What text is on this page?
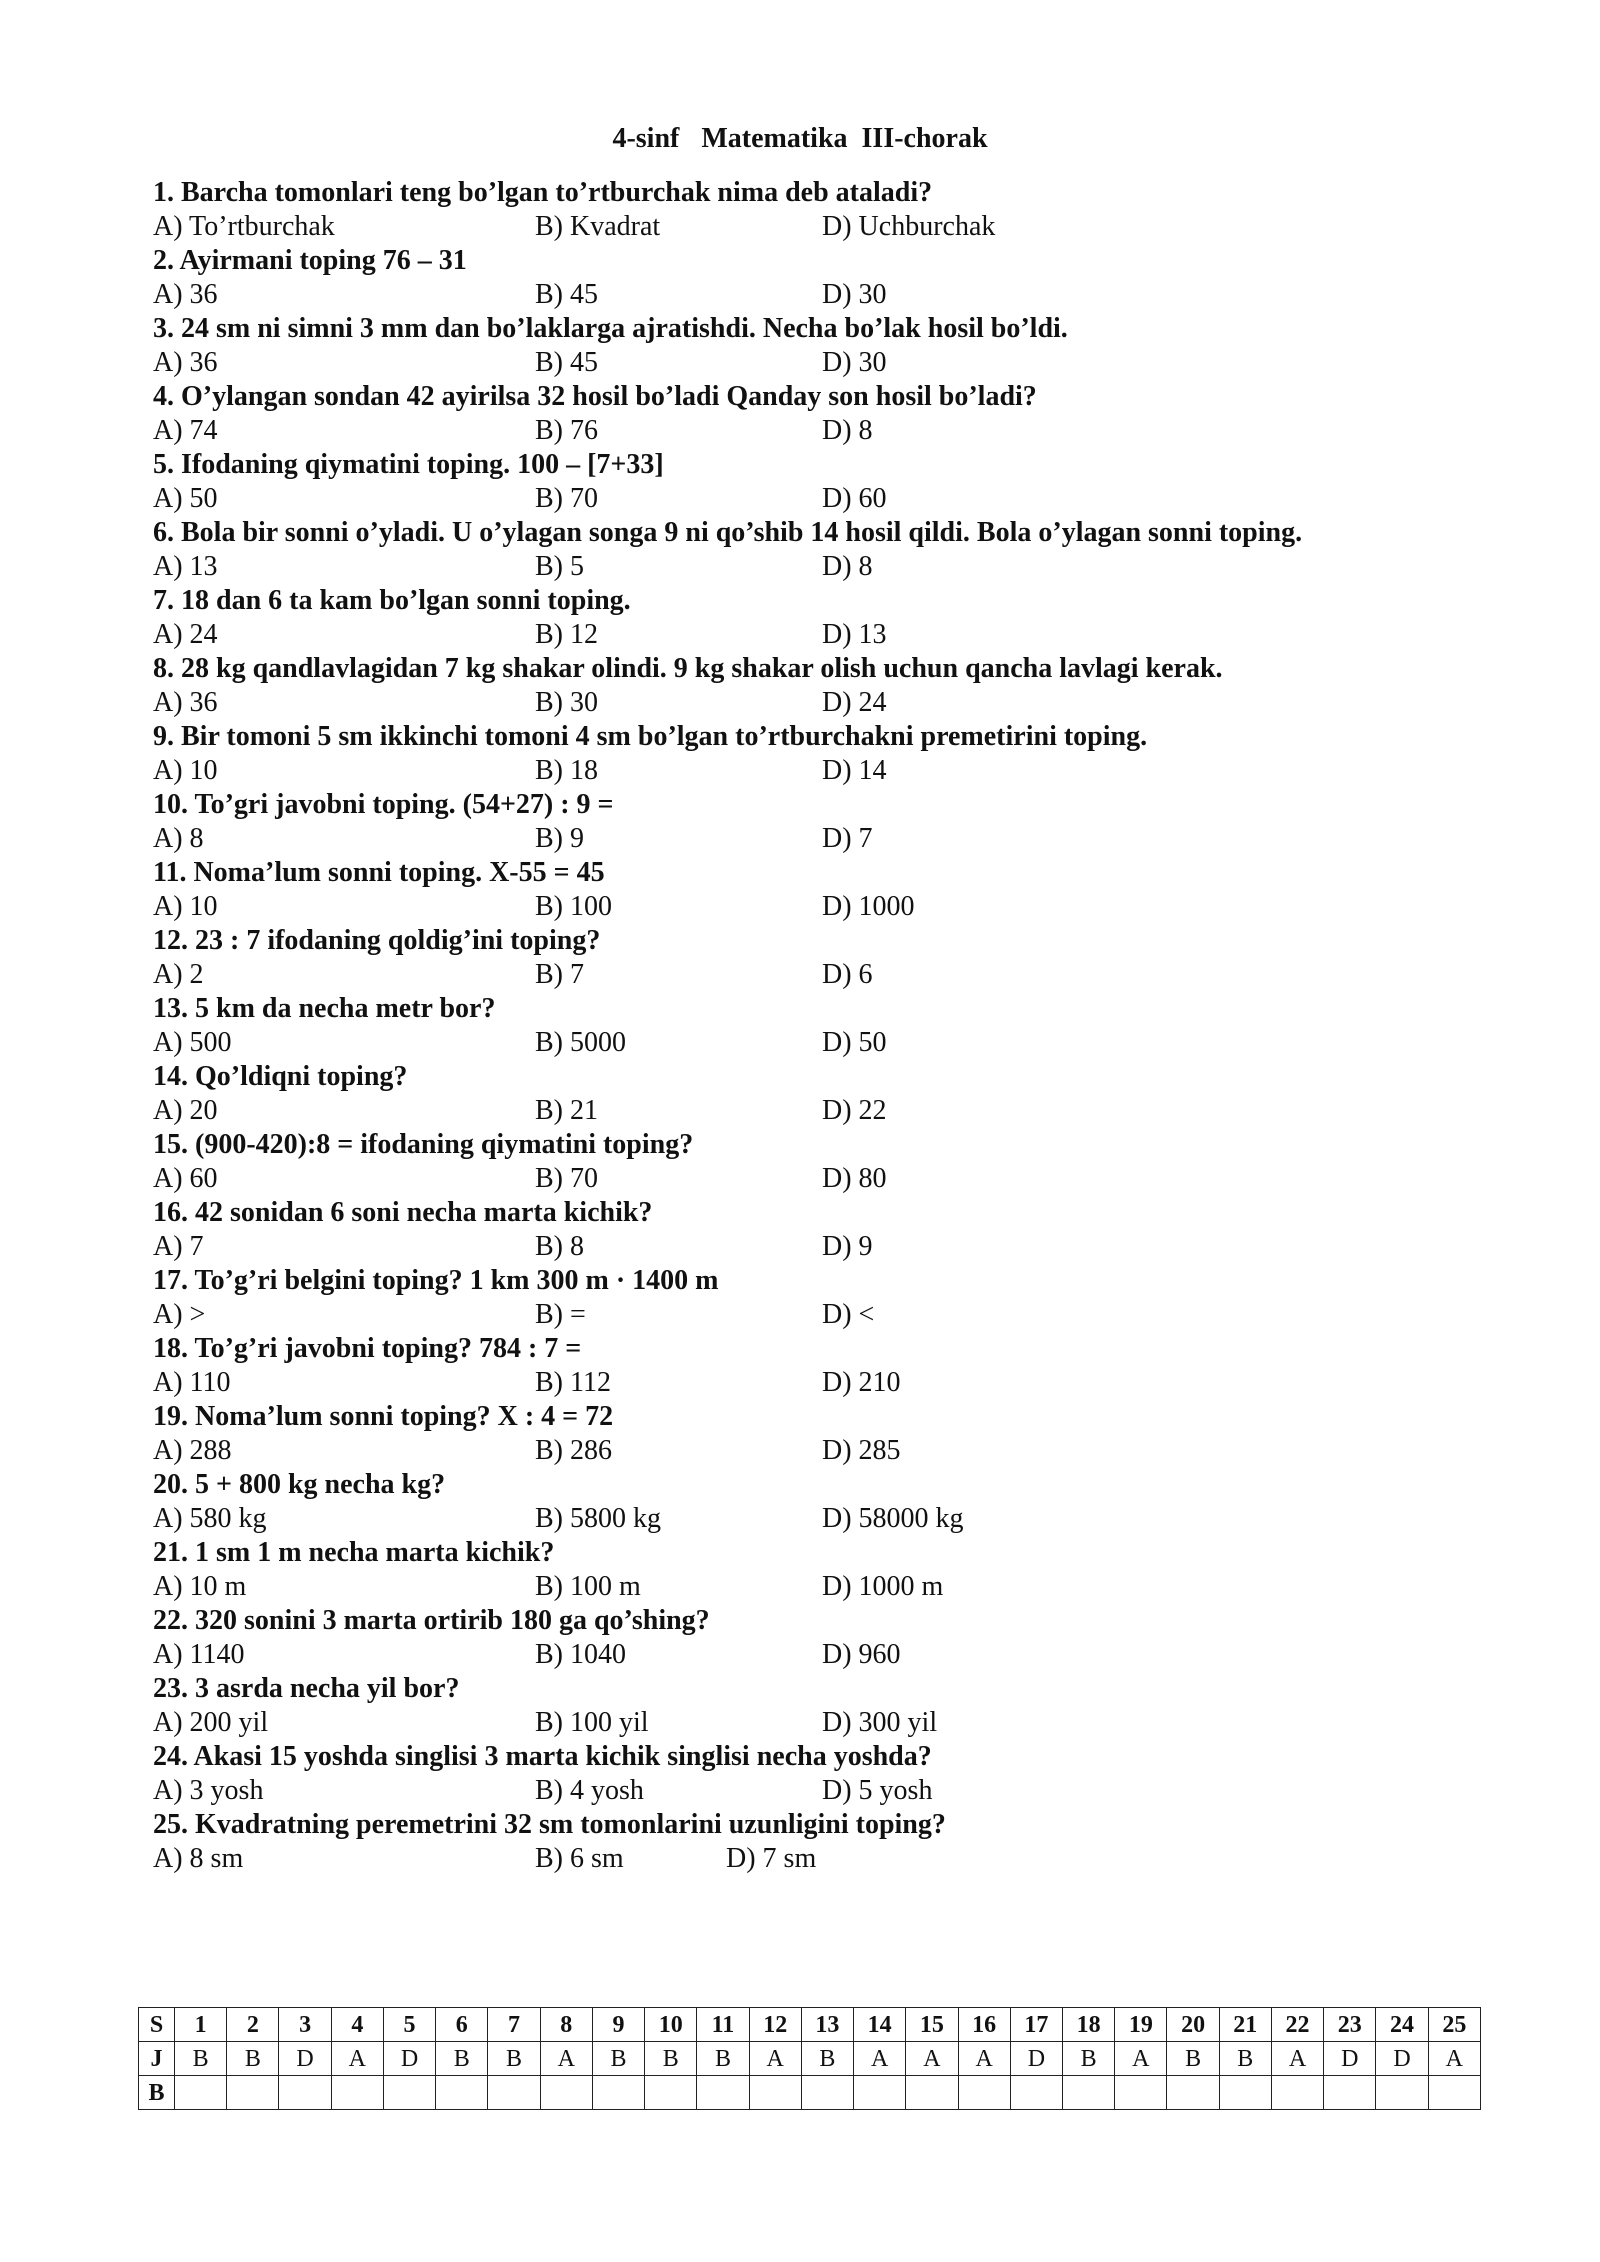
4-sinf Matematika III-chorak
1. Barcha tomonlari teng bo’lgan to’rtburchak nima deb ataladi?
A) To’rtburchak	B) Kvadrat	D) Uchburchak
2. Ayirmani toping 76 – 31
A) 36	B) 45	D) 30
3. 24 sm ni simni 3 mm dan bo’laklarga ajratishdi. Necha bo’lak hosil bo’ldi.
A) 36	B) 45	D) 30
4. O’ylangan sondan 42 ayirilsa 32 hosil bo’ladi Qanday son hosil bo’ladi?
A) 74	B) 76	D) 8
5. Ifodaning qiymatini toping. 100 – [7+33]
A) 50	B) 70	D) 60
6. Bola bir sonni o’yladi. U o’ylagan songa 9 ni qo’shib 14 hosil qildi. Bola o’ylagan sonni toping.
A) 13	B) 5	D) 8
7. 18 dan 6 ta kam bo’lgan sonni toping.
A) 24	B) 12	D) 13
8. 28 kg qandlavlagidan 7 kg shakar olindi. 9 kg shakar olish uchun qancha lavlagi kerak.
A) 36	B) 30	D) 24
9. Bir tomoni 5 sm ikkinchi tomoni 4 sm bo’lgan to’rtburchakni premetirini toping.
A) 10	B) 18	D) 14
10. To’gri javobni toping. (54+27) : 9 =
A) 8	B) 9	D) 7
11. Noma’lum sonni toping. X-55 = 45
A) 10	B) 100	D) 1000
12. 23 : 7 ifodaning qoldig’ini toping?
A) 2	B) 7	D) 6
13. 5 km da necha metr bor?
A) 500	B) 5000	D) 50
14. Qo’ldiqni toping?
A) 20	B) 21	D) 22
15. (900-420):8 = ifodaning qiymatini toping?
A) 60	B) 70	D) 80
16. 42 sonidan 6 soni necha marta kichik?
A) 7	B) 8	D) 9
17. To’g’ri belgini toping? 1 km 300 m · 1400 m
A) >	B) =	D) <
18. To’g’ri javobni toping? 784 : 7 =
A) 110	B) 112	D) 210
19. Noma’lum sonni toping? X : 4 = 72
A) 288	B) 286	D) 285
20. 5 + 800 kg necha kg?
A) 580 kg	B) 5800 kg	D) 58000 kg
21. 1 sm 1 m necha marta kichik?
A) 10 m	B) 100 m	D) 1000 m
22. 320 sonini 3 marta ortirib 180 ga qo’shing?
A) 1140	B) 1040	D) 960
23. 3 asrda necha yil bor?
A) 200 yil	B) 100 yil	D) 300 yil
24. Akasi 15 yoshda singlisi 3 marta kichik singlisi necha yoshda?
A) 3 yosh	B) 4 yosh	D) 5 yosh
25. Kvadratning peremetrini 32 sm tomonlarini uzunligini toping?
A) 8 sm	B) 6 sm	D) 7 sm
S	1	2	3	4	5	6	7	8	9	10	11	12	13	14	15	16	17	18	19	20	21	22	23	24	25
J	B	B	D	A	D	B	B	A	B	B	B	A	B	A	A	A	D	B	A	B	B	A	D	D	A
B																									
